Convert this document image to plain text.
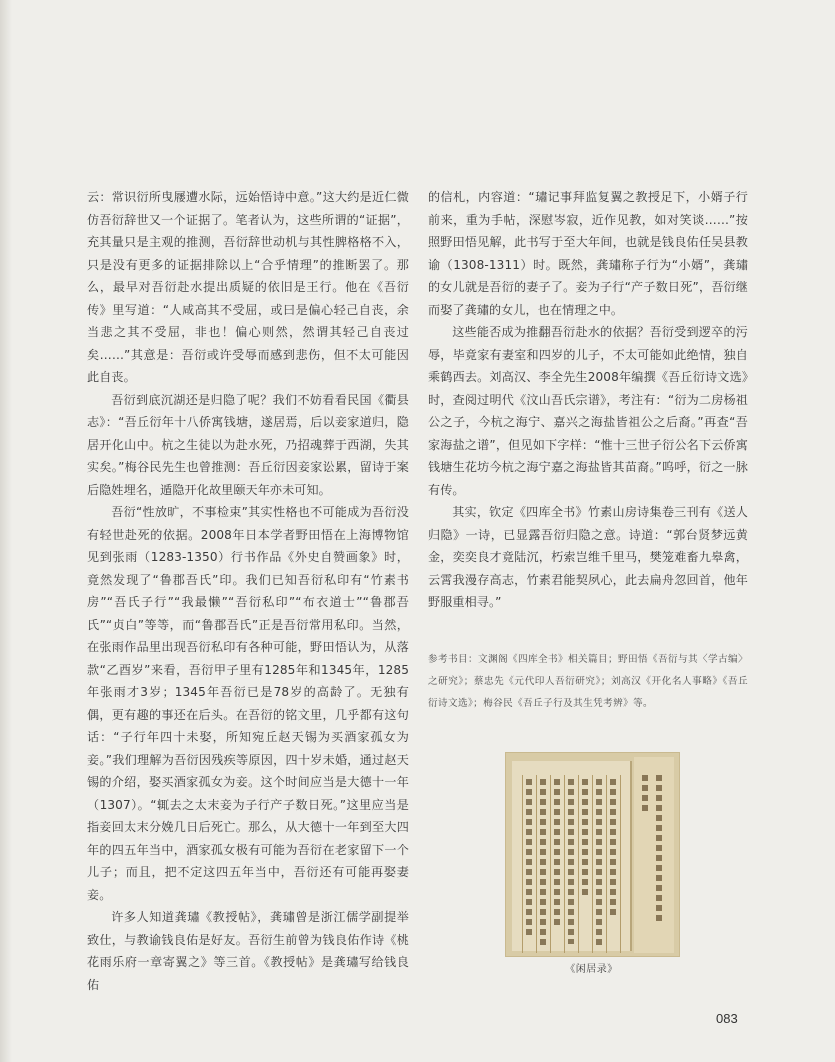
云：常识衍所曳屦遭水际，远始悟诗中意。”这大约是近仁微仿吾衍辞世又一个证据了。笔者认为，这些所谓的“证据”，充其量只是主观的推测，吾衍辞世动机与其性脾格格不入，只是没有更多的证据排除以上“合乎情理”的推断罢了。那么，最早对吾衍赴水提出质疑的依旧是王行。他在《吾衍传》里写道：“人咸高其不受屈，或曰是偏心轻己自丧，余当悲之其不受屈，非也！偏心则然，然谓其轻己自丧过矣……”其意是：吾衍或许受辱而感到悲伤，但不太可能因此自丧。

吾衍到底沉湖还是归隐了呢？我们不妨看看民国《衢县志》：“吾丘衍年十八侨寓钱塘，遂居焉，后以妾家道归，隐居开化山中。杭之生徒以为赴水死，乃招魂葬于西湖，失其实矣。”梅谷民先生也曾推测：吾丘衍因妾家讼累，留诗于案后隐姓埋名，遁隐开化故里颐天年亦未可知。

吾衍“性放旷，不事检束”其实性格也不可能成为吾衍没有轻世赴死的依据。2008年日本学者野田悟在上海博物馆见到张雨（1283-1350）行书作品《外史自赞画象》时，竟然发现了“鲁郡吾氏”印。我们已知吾衍私印有“竹素书房”“吾氏子行”“我最懒”“吾衍私印”“布衣道士”“鲁郡吾氏”“贞白”等等，而“鲁郡吾氏”正是吾衍常用私印。当然，在张雨作品里出现吾衍私印有各种可能，野田悟认为，从落款“乙酉岁”来看，吾衍甲子里有1285年和1345年，1285年张雨才3岁；1345年吾衍已是78岁的高龄了。无独有偶，更有趣的事还在后头。在吾衍的铭文里，几乎都有这句话：“子行年四十未娶，所知宛丘赵天锡为买酒家孤女为妾。”我们理解为吾衍因残疾等原因，四十岁未婚，通过赵天锡的介绍，娶买酒家孤女为妾。这个时间应当是大德十一年（1307）。“辄去之太末妾为子行产子数日死。”这里应当是指妾回太末分娩几日后死亡。那么，从大德十一年到至大四年的四五年当中，酒家孤女极有可能为吾衍在老家留下一个儿子；而且，把不定这四五年当中，吾衍还有可能再娶妻妾。

许多人知道龚璛《教授帖》，龚璛曾是浙江儒学副提举致仕，与教谕钱良佑是好友。吾衍生前曾为钱良佑作诗《桃花雨乐府一章寄翼之》等三首。《教授帖》是龚璛写给钱良佑

的信札，内容道：“璛记事拜监复翼之教授足下，小婿子行前来，重为手帖，深慰岑寂，近作见教，如对笑谈……”按照野田悟见解，此书写于至大年间，也就是钱良佑任吴县教谕（1308-1311）时。既然，龚璛称子行为“小婿”，龚璛的女儿就是吾衍的妻子了。妾为子行“产子数日死”，吾衍继而娶了龚璛的女儿，也在情理之中。

这些能否成为推翻吾衍赴水的依据？吾衍受到逻卒的污辱，毕竟家有妻室和四岁的儿子，不太可能如此绝情，独自乘鹤西去。刘高汉、李全先生2008年编撰《吾丘衍诗文选》时，查阅过明代《汶山吾氏宗谱》，考注有：“衍为二房杨祖公之子，今杭之海宁、嘉兴之海盐皆祖公之后裔。”再查“吾家海盐之谱”，但见如下字样：“惟十三世子衍公名下云侨寓钱塘生花坊今杭之海宁嘉之海盐皆其苗裔。”呜呼，衍之一脉有传。

其实，钦定《四库全书》竹素山房诗集卷三刊有《送人归隐》一诗，已显露吾衍归隐之意。诗道：“郭台贤梦远黄金，奕奕良才竟陆沉，朽索岂维千里马，樊笼难畜九皋禽，云霄我漫存高志，竹素君能契夙心，此去扁舟忽回首，他年野服重相寻。”

参考书目：文渊阁《四库全书》相关篇目；野田悟《吾衍与其〈学古编〉之研究》；蔡忠先《元代印人吾衍研究》；刘高汉《开化名人事略》《吾丘衍诗文选》；梅谷民《吾丘子行及其生凭考辨》等。
《闲居录》
083
